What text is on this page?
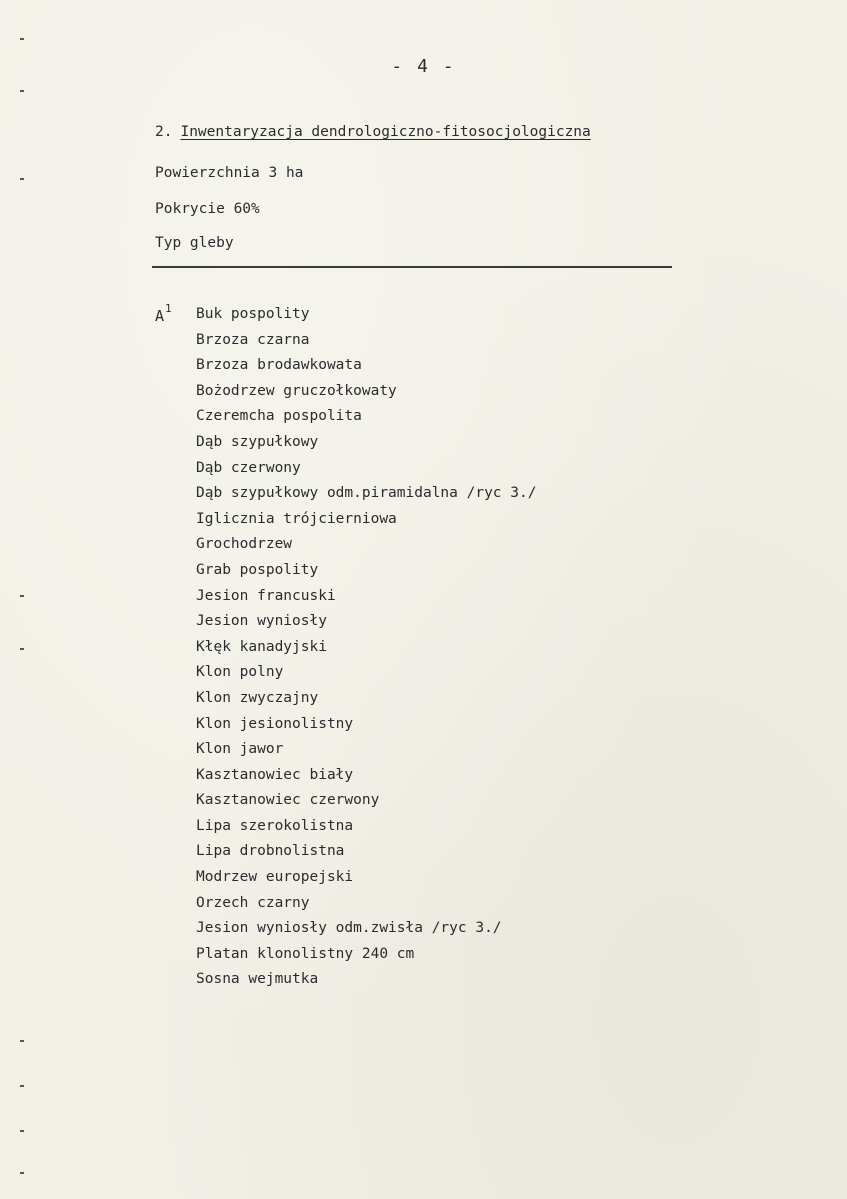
- 4 -
2. Inwentaryzacja dendrologiczno-fitosocjologiczna
Powierzchnia 3 ha
Pokrycie 60%
Typ gleby
$A^1$ Buk pospolity
Brzoza czarna
Brzoza brodawkowata
Bożodrzew gruczołkowaty
Czeremcha pospolita
Dąb szypułkowy
Dąb czerwony
Dąb szypułkowy odm.piramidalna /ryc 3./
Iglicznia trójcierniowa
Grochodrzew
Grab pospolity
Jesion francuski
Jesion wyniosły
Kłęk kanadyjski
Klon polny
Klon zwyczajny
Klon jesionolistny
Klon jawor
Kasztanowiec biały
Kasztanowiec czerwony
Lipa szerokolistna
Lipa drobnolistna
Modrzew europejski
Orzech czarny
Jesion wyniosły odm.zwisła /ryc 3./
Platan klonolistny 240 cm
Sosna wejmutka
